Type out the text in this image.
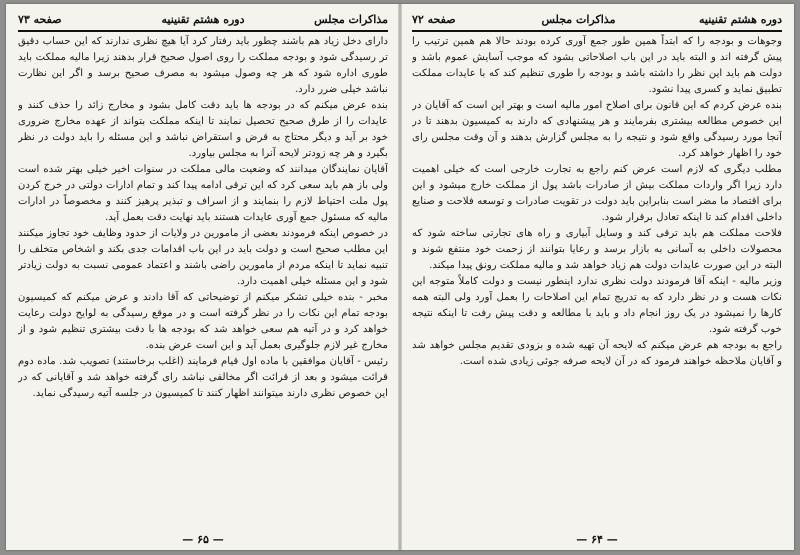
مذاکرات مجلس
دوره هشتم تقنینیه
صفحه ۷۳

دارای دخل زیاد هم باشند چطور باید رفتار کرد آیا هیچ نظری ندارند که این حساب دقیق تر رسیدگی شود و بودجه مملکت را روی اصول صحیح قرار بدهند زیرا مالیه مملکت باید طوری اداره شود که هر چه وصول میشود به مصرف صحیح برسد و اگر این نظارت نباشد خیلی ضرر دارد.

بنده عرض میکنم که در بودجه ها باید دقت کامل بشود و مخارج زائد را حذف کنند و عایدات را از طرق صحیح تحصیل نمایند تا اینکه مملکت بتواند از عهده مخارج ضروری خود بر آید و دیگر محتاج به قرض و استقراض نباشد و این مسئله را باید دولت در نظر بگیرد و هر چه زودتر لایحه آنرا به مجلس بیاورد.

آقایان نمایندگان میدانند که وضعیت مالی مملکت در سنوات اخیر خیلی بهتر شده است ولی باز هم باید سعی کرد که این ترقی ادامه پیدا کند و تمام ادارات دولتی در خرج کردن پول ملت احتیاط لازم را بنمایند و از اسراف و تبذیر پرهیز کنند و مخصوصاً در ادارات مالیه که مسئول جمع آوری عایدات هستند باید نهایت دقت بعمل آید.

در خصوص اینکه فرمودند بعضی از مامورین در ولایات از حدود وظایف خود تجاوز میکنند این مطلب صحیح است و دولت باید در این باب اقدامات جدی بکند و اشخاص متخلف را تنبیه نماید تا اینکه مردم از مامورین راضی باشند و اعتماد عمومی نسبت به دولت زیادتر شود و این مسئله خیلی اهمیت دارد.

مخبر - بنده خیلی تشکر میکنم از توضیحاتی که آقا دادند و عرض میکنم که کمیسیون بودجه تمام این نکات را در نظر گرفته است و در موقع رسیدگی به لوایح دولت رعایت خواهد کرد و در آتیه هم سعی خواهد شد که بودجه ها با دقت بیشتری تنظیم شود و از مخارج غیر لازم جلوگیری بعمل آید و این است عرض بنده.

رئیس - آقایان موافقین با ماده اول قیام فرمایند (اغلب برخاستند) تصویب شد. ماده دوم قرائت میشود و بعد از قرائت اگر مخالفی نباشد رای گرفته خواهد شد و آقایانی که در این خصوص نظری دارند میتوانند اظهار کنند تا کمیسیون در جلسه آتیه رسیدگی نماید.

— ۶۵ —
دوره هشتم تقنینیه
مذاکرات مجلس
صفحه ۷۲

وجوهات و بودجه را که ابتداً همین طور جمع آوری کرده بودند حالا هم همین ترتیب را پیش گرفته اند و البته باید در این باب اصلاحاتی بشود که موجب آسایش عموم باشد و دولت هم باید این نظر را داشته باشد و بودجه را طوری تنظیم کند که با عایدات مملکت تطبیق نماید و کسری پیدا نشود.

بنده عرض کردم که این قانون برای اصلاح امور مالیه است و بهتر این است که آقایان در این خصوص مطالعه بیشتری بفرمایند و هر پیشنهادی که دارند به کمیسیون بدهند تا در آنجا مورد رسیدگی واقع شود و نتیجه را به مجلس گزارش بدهند و آن وقت مجلس رای خود را اظهار خواهد کرد.

مطلب دیگری که لازم است عرض کنم راجع به تجارت خارجی است که خیلی اهمیت دارد زیرا اگر واردات مملکت بیش از صادرات باشد پول از مملکت خارج میشود و این برای اقتصاد ما مضر است بنابراین باید دولت در تقویت صادرات و توسعه فلاحت و صنایع داخلی اقدام کند تا اینکه تعادل برقرار شود.

فلاحت مملکت هم باید ترقی کند و وسایل آبیاری و راه های تجارتی ساخته شود که محصولات داخلی به آسانی به بازار برسد و رعایا بتوانند از زحمت خود منتفع شوند و البته در این صورت عایدات دولت هم زیاد خواهد شد و مالیه مملکت رونق پیدا میکند.

وزیر مالیه - اینکه آقا فرمودند دولت نظری ندارد اینطور نیست و دولت کاملاً متوجه این نکات هست و در نظر دارد که به تدریج تمام این اصلاحات را بعمل آورد ولی البته همه کارها را نمیشود در یک روز انجام داد و باید با مطالعه و دقت پیش رفت تا اینکه نتیجه خوب گرفته شود.

راجع به بودجه هم عرض میکنم که لایحه آن تهیه شده و بزودی تقدیم مجلس خواهد شد و آقایان ملاحظه خواهند فرمود که در آن لایحه صرفه جوئی زیادی شده است.

— ۶۴ —
